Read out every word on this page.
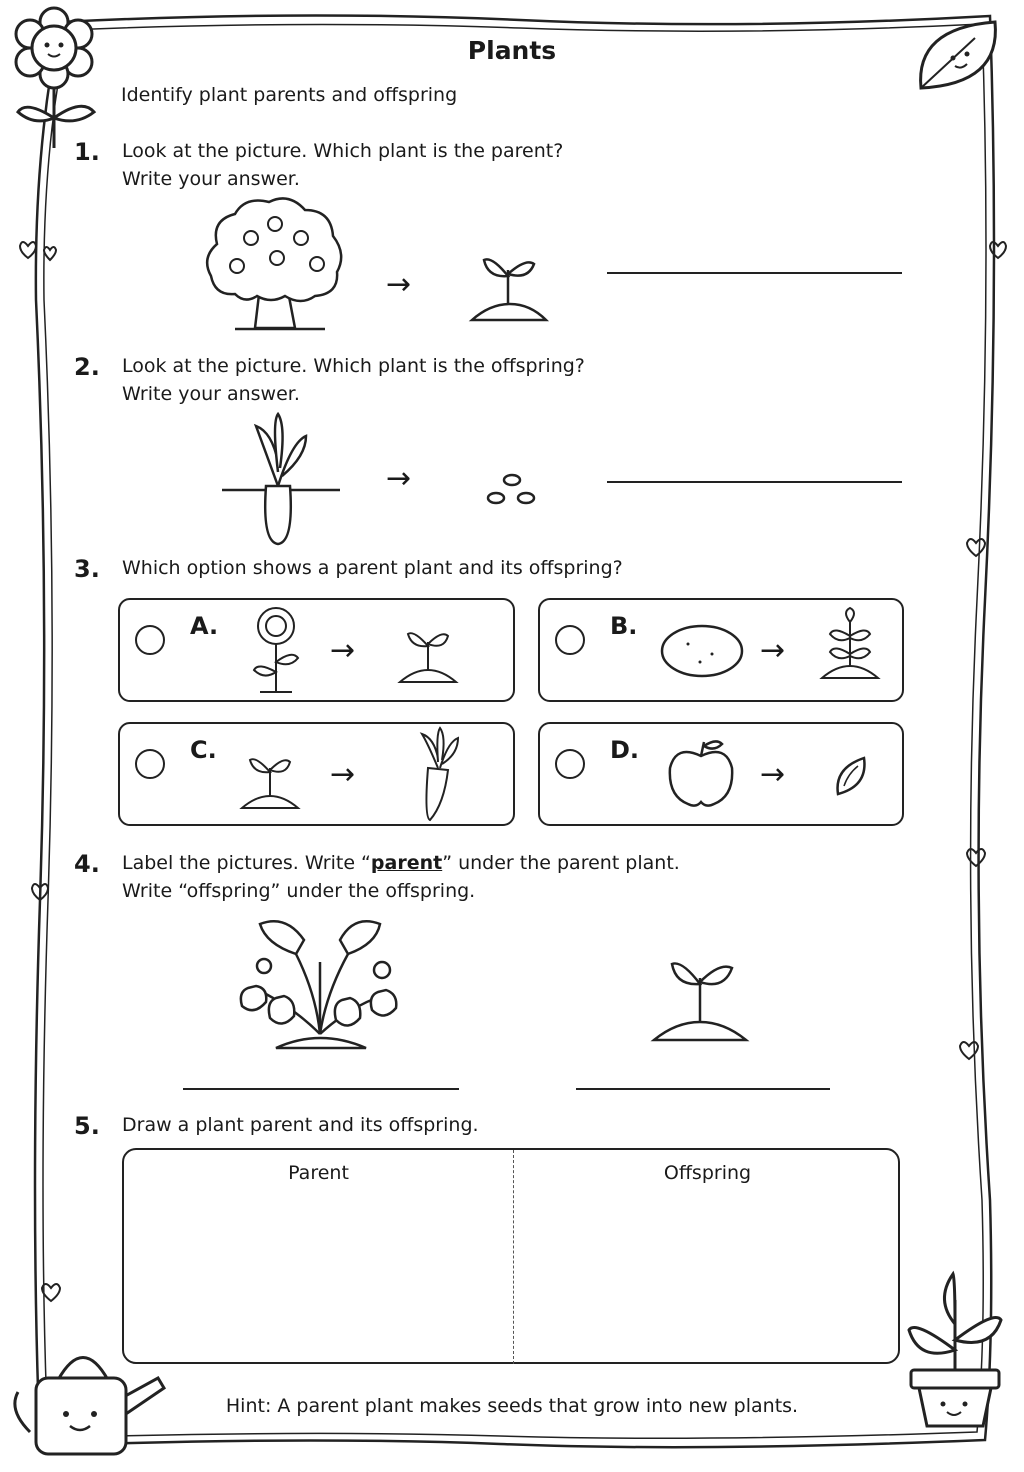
Plants
Identify plant parents and offspring
1. Look at the picture. Which plant is the parent?
Write your answer.
→
2. Look at the picture. Which plant is the offspring?
Write your answer.
→
3. Which option shows a parent plant and its offspring?
A.
→
B.
→
C.
→
D.
→
4. Label the pictures. Write “parent” under the parent plant.
Write “offspring” under the offspring.
5. Draw a plant parent and its offspring.
Parent	Offspring
Hint: A parent plant makes seeds that grow into new plants.
